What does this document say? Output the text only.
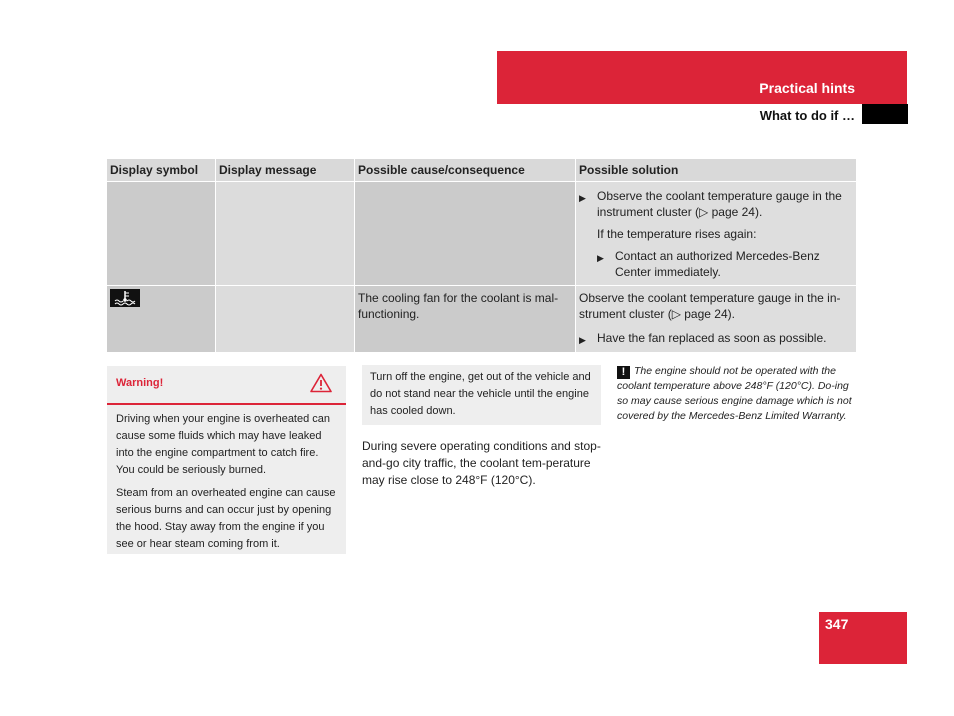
Practical hints
What to do if …
Display symbol	Display message	Possible cause/consequence	Possible solution

			▶ Observe the coolant temperature gauge in the instrument cluster (▷ page 24).
If the temperature rises again:
▶ Contact an authorized Mercedes-Benz Center immediately.

		The cooling fan for the coolant is mal-functioning.	Observe the coolant temperature gauge in the in-strument cluster (▷ page 24).
▶ Have the fan replaced as soon as possible.
Warning!

Driving when your engine is overheated can cause some fluids which may have leaked into the engine compartment to catch fire. You could be seriously burned.

Steam from an overheated engine can cause serious burns and can occur just by opening the hood. Stay away from the engine if you see or hear steam coming from it.

Turn off the engine, get out of the vehicle and do not stand near the vehicle until the engine has cooled down.

During severe operating conditions and stop-and-go city traffic, the coolant tem-perature may rise close to 248°F (120°C).

! The engine should not be operated with the coolant temperature above 248°F (120°C). Do-ing so may cause serious engine damage which is not covered by the Mercedes-Benz Limited Warranty.
347
